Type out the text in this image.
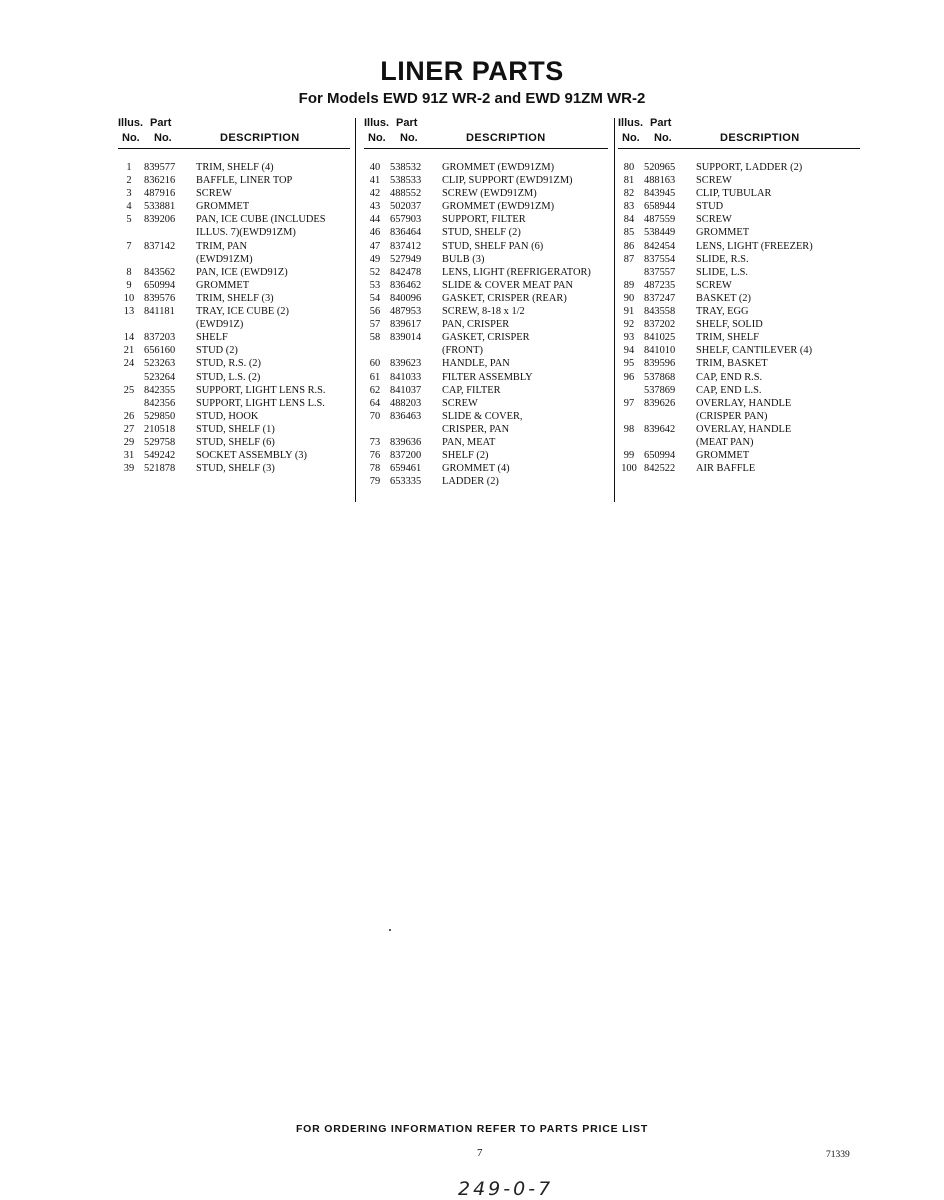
LINER PARTS
For Models EWD 91Z WR-2 and EWD 91ZM WR-2
Illus. Part
No. No.	DESCRIPTION
1	839577	TRIM, SHELF (4)
2	836216	BAFFLE, LINER TOP
3	487916	SCREW
4	533881	GROMMET
5	839206	PAN, ICE CUBE (INCLUDES
ILLUS. 7)(EWD91ZM)
7	837142	TRIM, PAN
(EWD91ZM)
8	843562	PAN, ICE (EWD91Z)
9	650994	GROMMET
10 839576	TRIM, SHELF (3)
13 841181	TRAY, ICE CUBE (2)
(EWD91Z)
14 837203	SHELF
21 656160	STUD (2)
24 523263	STUD, R.S. (2)
523264	STUD, L.S. (2)
25 842355	SUPPORT, LIGHT LENS R.S.
842356	SUPPORT, LIGHT LENS L.S.
26 529850	STUD, HOOK
27 210518	STUD, SHELF (1)
29 529758	STUD, SHELF (6)
31 549242	SOCKET ASSEMBLY (3)
39 521878	STUD, SHELF (3)
Illus. Part
No. No.	DESCRIPTION
40 538532	GROMMET (EWD91ZM)
41 538533	CLIP, SUPPORT (EWD91ZM)
42 488552	SCREW (EWD91ZM)
43 502037	GROMMET (EWD91ZM)
44 657903	SUPPORT, FILTER
46 836464	STUD, SHELF (2)
47 837412	STUD, SHELF PAN (6)
49 527949	BULB (3)
52 842478	LENS, LIGHT (REFRIGERATOR)
53 836462	SLIDE & COVER MEAT PAN
54 840096	GASKET, CRISPER (REAR)
56 487953	SCREW, 8-18 x 1/2
57 839617	PAN, CRISPER
58 839014	GASKET, CRISPER
(FRONT)
60 839623	HANDLE, PAN
61 841033	FILTER ASSEMBLY
62 841037	CAP, FILTER
64 488203	SCREW
70 836463	SLIDE & COVER,
CRISPER, PAN
73 839636	PAN, MEAT
76 837200	SHELF (2)
78 659461	GROMMET (4)
79 653335	LADDER (2)
Illus. Part
No. No.	DESCRIPTION
80 520965	SUPPORT, LADDER (2)
81 488163	SCREW
82 843945	CLIP, TUBULAR
83 658944	STUD
84 487559	SCREW
85 538449	GROMMET
86 842454	LENS, LIGHT (FREEZER)
87 837554	SLIDE, R.S.
837557	SLIDE, L.S.
89 487235	SCREW
90 837247	BASKET (2)
91 843558	TRAY, EGG
92 837202	SHELF, SOLID
93 841025	TRIM, SHELF
94 841010	SHELF, CANTILEVER (4)
95 839596	TRIM, BASKET
96 537868	CAP, END R.S.
537869	CAP, END L.S.
97 839626	OVERLAY, HANDLE
(CRISPER PAN)
98 839642	OVERLAY, HANDLE
(MEAT PAN)
99 650994	GROMMET
100 842522	AIR BAFFLE
FOR ORDERING INFORMATION REFER TO PARTS PRICE LIST
7	71339
249-0-7
